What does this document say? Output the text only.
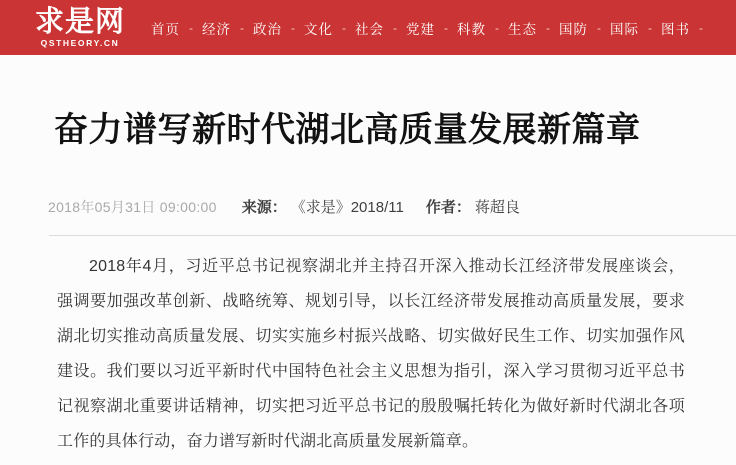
求是网
QSTHEORY.CN
首页 - 经济 - 政治 - 文化 - 社会 - 党建 - 科教 - 生态 - 国防 - 国际 - 图书 -
奋力谱写新时代湖北高质量发展新篇章
2018年05月31日 09:00:00 来源： 《求是》2018/11 作者： 蒋超良

2018年4月，习近平总书记视察湖北并主持召开深入推动长江经济带发展座谈会，强调要加强改革创新、战略统筹、规划引导，以长江经济带发展推动高质量发展，要求湖北切实推动高质量发展、切实实施乡村振兴战略、切实做好民生工作、切实加强作风建设。我们要以习近平新时代中国特色社会主义思想为指引，深入学习贯彻习近平总书记视察湖北重要讲话精神，切实把习近平总书记的殷殷嘱托转化为做好新时代湖北各项工作的具体行动，奋力谱写新时代湖北高质量发展新篇章。
